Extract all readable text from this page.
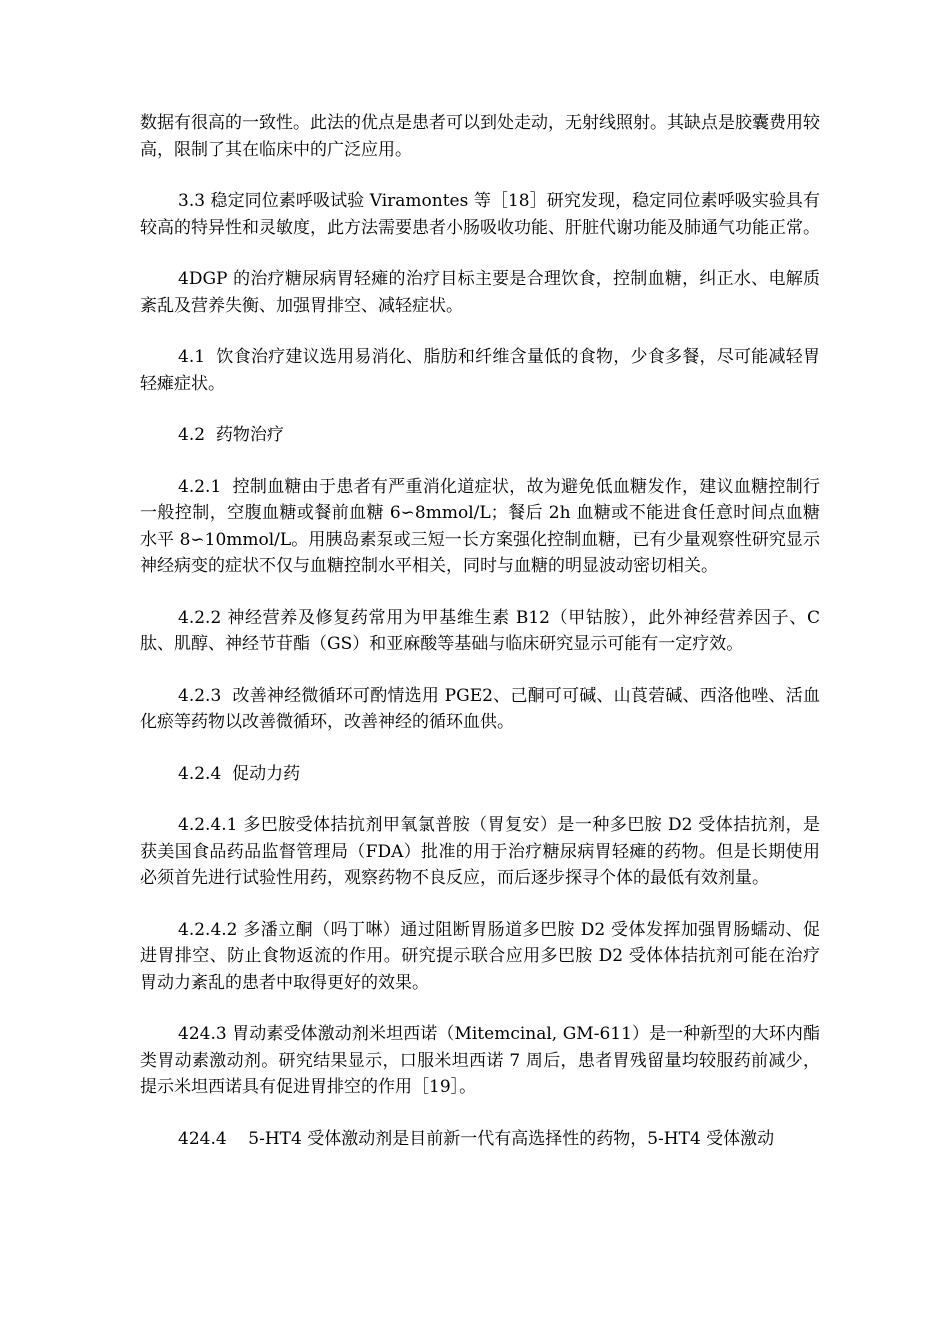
数据有很高的一致性。此法的优点是患者可以到处走动，无射线照射。其缺点是胶囊费用较高，限制了其在临床中的广泛应用。

3.3 稳定同位素呼吸试验 Viramontes 等［18］研究发现，稳定同位素呼吸实验具有较高的特异性和灵敏度，此方法需要患者小肠吸收功能、肝脏代谢功能及肺通气功能正常。

4DGP 的治疗糖尿病胃轻瘫的治疗目标主要是合理饮食，控制血糖，纠正水、电解质紊乱及营养失衡、加强胃排空、减轻症状。

4.1  饮食治疗建议选用易消化、脂肪和纤维含量低的食物，少食多餐，尽可能减轻胃轻瘫症状。

4.2  药物治疗

4.2.1  控制血糖由于患者有严重消化道症状，故为避免低血糖发作，建议血糖控制行一般控制，空腹血糖或餐前血糖 6∽8mmol/L；餐后 2h 血糖或不能进食任意时间点血糖水平 8∽10mmol/L。用胰岛素泵或三短一长方案强化控制血糖，已有少量观察性研究显示神经病变的症状不仅与血糖控制水平相关，同时与血糖的明显波动密切相关。

4.2.2 神经营养及修复药常用为甲基维生素 B12（甲钴胺），此外神经营养因子、C 肽、肌醇、神经节苷酯（GS）和亚麻酸等基础与临床研究显示可能有一定疗效。

4.2.3  改善神经微循环可酌情选用 PGE2、己酮可可碱、山莨菪碱、西洛他唑、活血化瘀等药物以改善微循环，改善神经的循环血供。

4.2.4  促动力药

4.2.4.1 多巴胺受体拮抗剂甲氧氯普胺（胃复安）是一种多巴胺 D2 受体拮抗剂，是获美国食品药品监督管理局（FDA）批准的用于治疗糖尿病胃轻瘫的药物。但是长期使用必须首先进行试验性用药，观察药物不良反应，而后逐步探寻个体的最低有效剂量。

4.2.4.2 多潘立酮（吗丁啉）通过阻断胃肠道多巴胺 D2 受体发挥加强胃肠蠕动、促进胃排空、防止食物返流的作用。研究提示联合应用多巴胺 D2 受体体拮抗剂可能在治疗胃动力紊乱的患者中取得更好的效果。

424.3 胃动素受体激动剂米坦西诺（Mitemcinal, GM-611）是一种新型的大环内酯类胃动素激动剂。研究结果显示，口服米坦西诺 7 周后，患者胃残留量均较服药前减少，提示米坦西诺具有促进胃排空的作用［19］。

424.4    5-HT4 受体激动剂是目前新一代有高选择性的药物，5-HT4 受体激动
